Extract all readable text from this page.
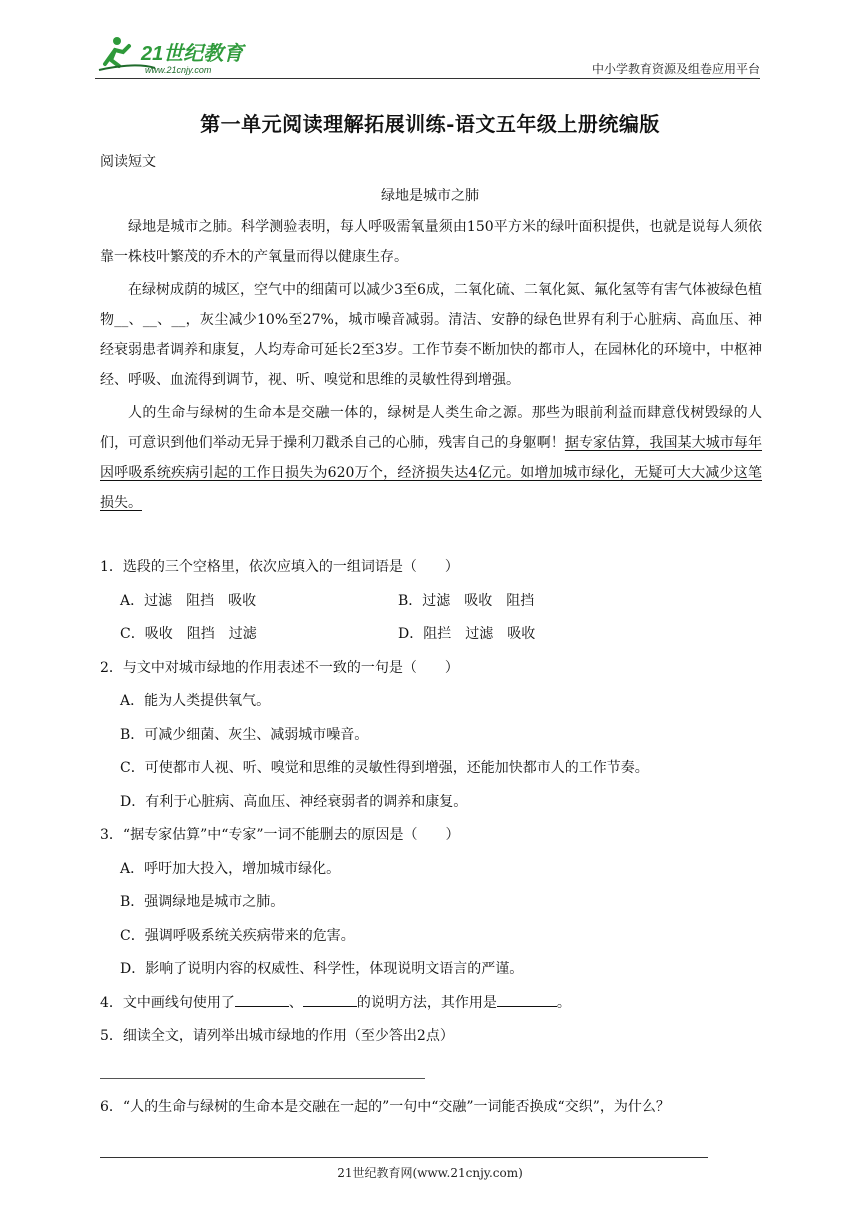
21世纪教育
www.21cnjy.com	中小学教育资源及组卷应用平台
第一单元阅读理解拓展训练-语文五年级上册统编版
阅读短文
绿地是城市之肺

绿地是城市之肺。科学测验表明，每人呼吸需氧量须由150平方米的绿叶面积提供，也就是说每人须依靠一株枝叶繁茂的乔木的产氧量而得以健康生存。

在绿树成荫的城区，空气中的细菌可以减少3至6成，二氧化硫、二氧化氮、氟化氢等有害气体被绿色植物__、__、__，灰尘减少10%至27%，城市噪音减弱。清洁、安静的绿色世界有利于心脏病、高血压、神经衰弱患者调养和康复，人均寿命可延长2至3岁。工作节奏不断加快的都市人，在园林化的环境中，中枢神经、呼吸、血流得到调节，视、听、嗅觉和思维的灵敏性得到增强。

人的生命与绿树的生命本是交融一体的，绿树是人类生命之源。那些为眼前利益而肆意伐树毁绿的人们，可意识到他们举动无异于操利刀戳杀自己的心肺，残害自己的身躯啊！据专家估算，我国某大城市每年因呼吸系统疾病引起的工作日损失为620万个，经济损失达4亿元。如增加城市绿化，无疑可大大减少这笔损失。

1．选段的三个空格里，依次应填入的一组词语是（　　）
A．过滤　阻挡　吸收	B．过滤　吸收　阻挡
C．吸收　阻挡　过滤	D．阻拦　过滤　吸收
2．与文中对城市绿地的作用表述不一致的一句是（　　）
A．能为人类提供氧气。
B．可减少细菌、灰尘、减弱城市噪音。
C．可使都市人视、听、嗅觉和思维的灵敏性得到增强，还能加快都市人的工作节奏。
D．有利于心脏病、高血压、神经衰弱者的调养和康复。
3．“据专家估算”中“专家”一词不能删去的原因是（　　）
A．呼吁加大投入，增加城市绿化。
B．强调绿地是城市之肺。
C．强调呼吸系统关疾病带来的危害。
D．影响了说明内容的权威性、科学性，体现说明文语言的严谨。
4．文中画线句使用了	、	的说明方法，其作用是	。
5．细读全文，请列举出城市绿地的作用（至少答出2点）
6．“人的生命与绿树的生命本是交融在一起的”一句中“交融”一词能否换成“交织”，为什么？
21世纪教育网(www.21cnjy.com)
